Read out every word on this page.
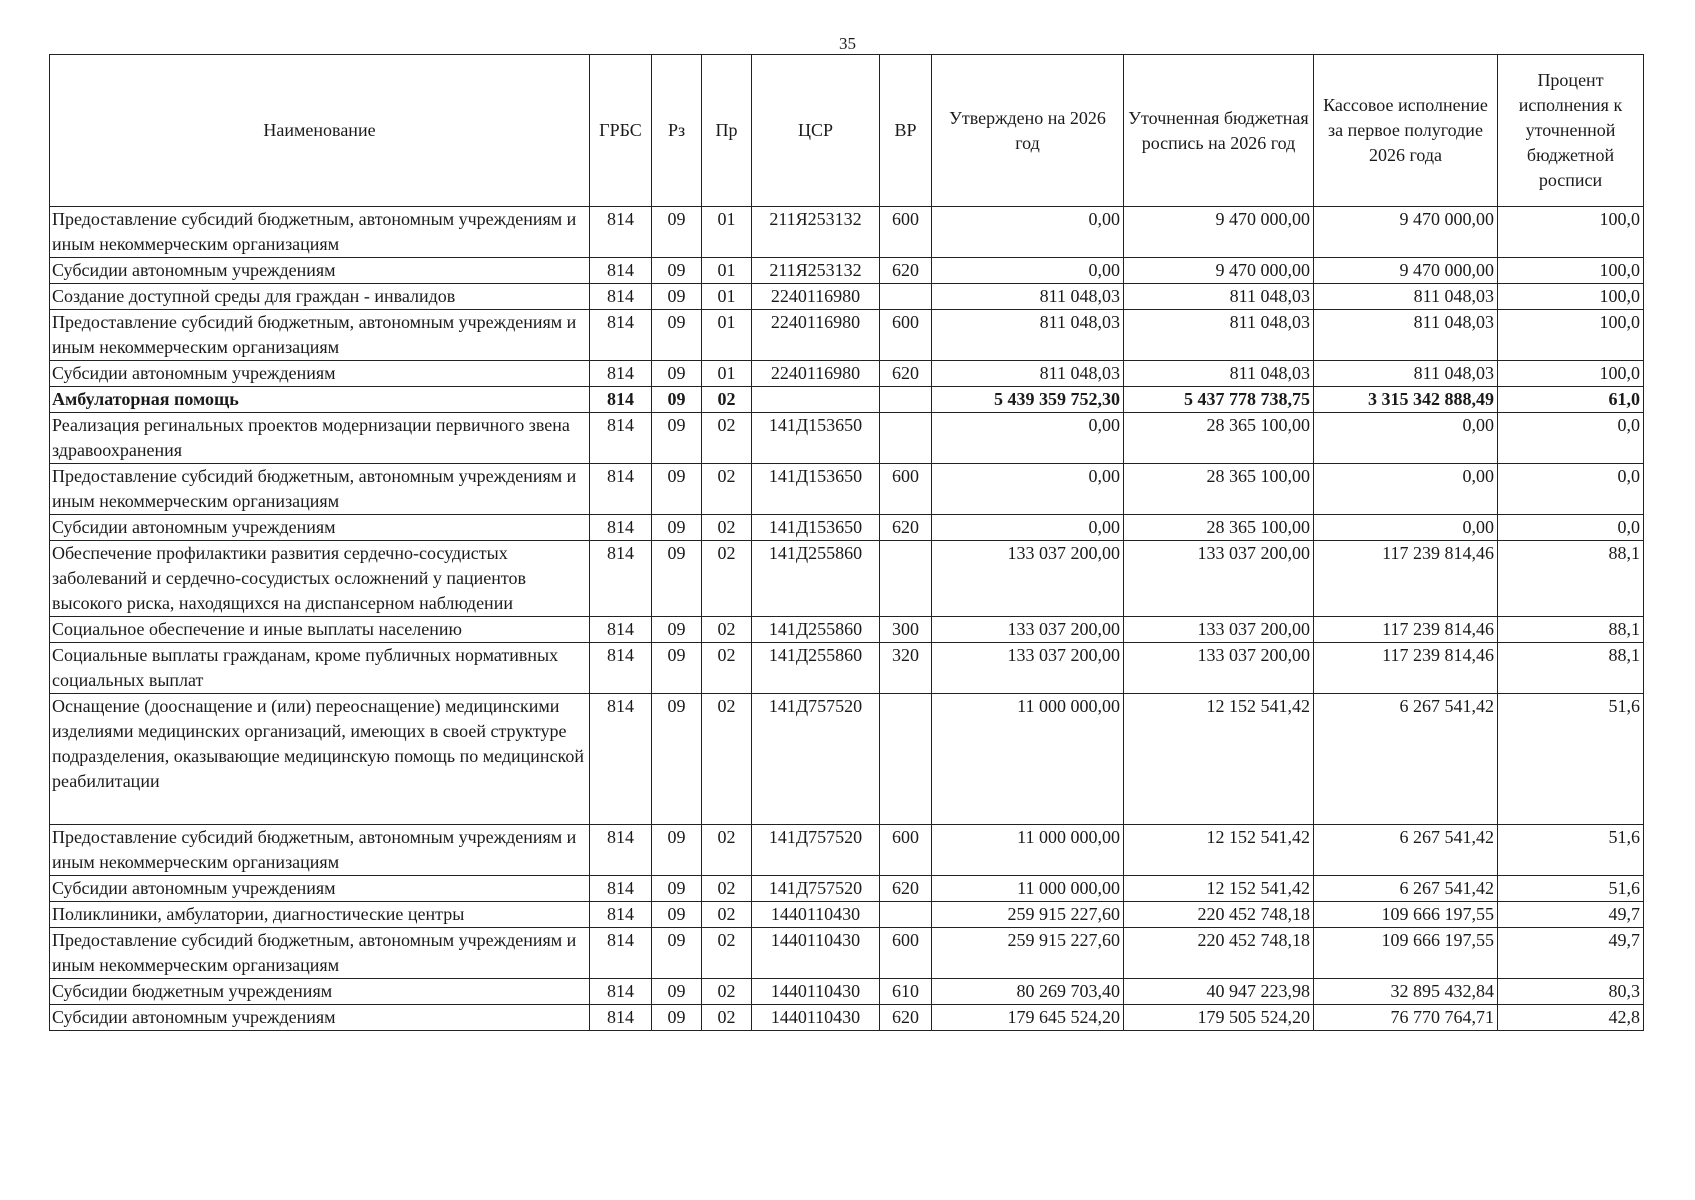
35
Наименование	ГРБС	Рз	Пр	ЦСР	ВР	Утверждено на 2026 год	Уточненная бюджетная роспись на 2026 год	Кассовое исполнение за первое полугодие 2026 года	Процент исполнения к уточненной бюджетной росписи
Предоставление субсидий бюджетным, автономным учреждениям и иным некоммерческим организациям	814	09	01	211Я253132	600	0,00	9 470 000,00	9 470 000,00	100,0
Субсидии автономным учреждениям	814	09	01	211Я253132	620	0,00	9 470 000,00	9 470 000,00	100,0
Создание доступной среды для граждан - инвалидов	814	09	01	2240116980		811 048,03	811 048,03	811 048,03	100,0
Предоставление субсидий бюджетным, автономным учреждениям и иным некоммерческим организациям	814	09	01	2240116980	600	811 048,03	811 048,03	811 048,03	100,0
Субсидии автономным учреждениям	814	09	01	2240116980	620	811 048,03	811 048,03	811 048,03	100,0
Амбулаторная помощь	814	09	02			5 439 359 752,30	5 437 778 738,75	3 315 342 888,49	61,0
Реализация регинальных проектов модернизации первичного звена здравоохранения	814	09	02	141Д153650		0,00	28 365 100,00	0,00	0,0
Предоставление субсидий бюджетным, автономным учреждениям и иным некоммерческим организациям	814	09	02	141Д153650	600	0,00	28 365 100,00	0,00	0,0
Субсидии автономным учреждениям	814	09	02	141Д153650	620	0,00	28 365 100,00	0,00	0,0
Обеспечение профилактики развития сердечно-сосудистых заболеваний и сердечно-сосудистых осложнений у пациентов высокого риска, находящихся на диспансерном наблюдении	814	09	02	141Д255860		133 037 200,00	133 037 200,00	117 239 814,46	88,1
Социальное обеспечение и иные выплаты населению	814	09	02	141Д255860	300	133 037 200,00	133 037 200,00	117 239 814,46	88,1
Социальные выплаты гражданам, кроме публичных нормативных социальных выплат	814	09	02	141Д255860	320	133 037 200,00	133 037 200,00	117 239 814,46	88,1
Оснащение (дооснащение и (или) переоснащение) медицинскими изделиями медицинских организаций, имеющих в своей структуре подразделения, оказывающие медицинскую помощь по медицинской реабилитации	814	09	02	141Д757520		11 000 000,00	12 152 541,42	6 267 541,42	51,6
Предоставление субсидий бюджетным, автономным учреждениям и иным некоммерческим организациям	814	09	02	141Д757520	600	11 000 000,00	12 152 541,42	6 267 541,42	51,6
Субсидии автономным учреждениям	814	09	02	141Д757520	620	11 000 000,00	12 152 541,42	6 267 541,42	51,6
Поликлиники, амбулатории, диагностические центры	814	09	02	1440110430		259 915 227,60	220 452 748,18	109 666 197,55	49,7
Предоставление субсидий бюджетным, автономным учреждениям и иным некоммерческим организациям	814	09	02	1440110430	600	259 915 227,60	220 452 748,18	109 666 197,55	49,7
Субсидии бюджетным учреждениям	814	09	02	1440110430	610	80 269 703,40	40 947 223,98	32 895 432,84	80,3
Субсидии автономным учреждениям	814	09	02	1440110430	620	179 645 524,20	179 505 524,20	76 770 764,71	42,8
